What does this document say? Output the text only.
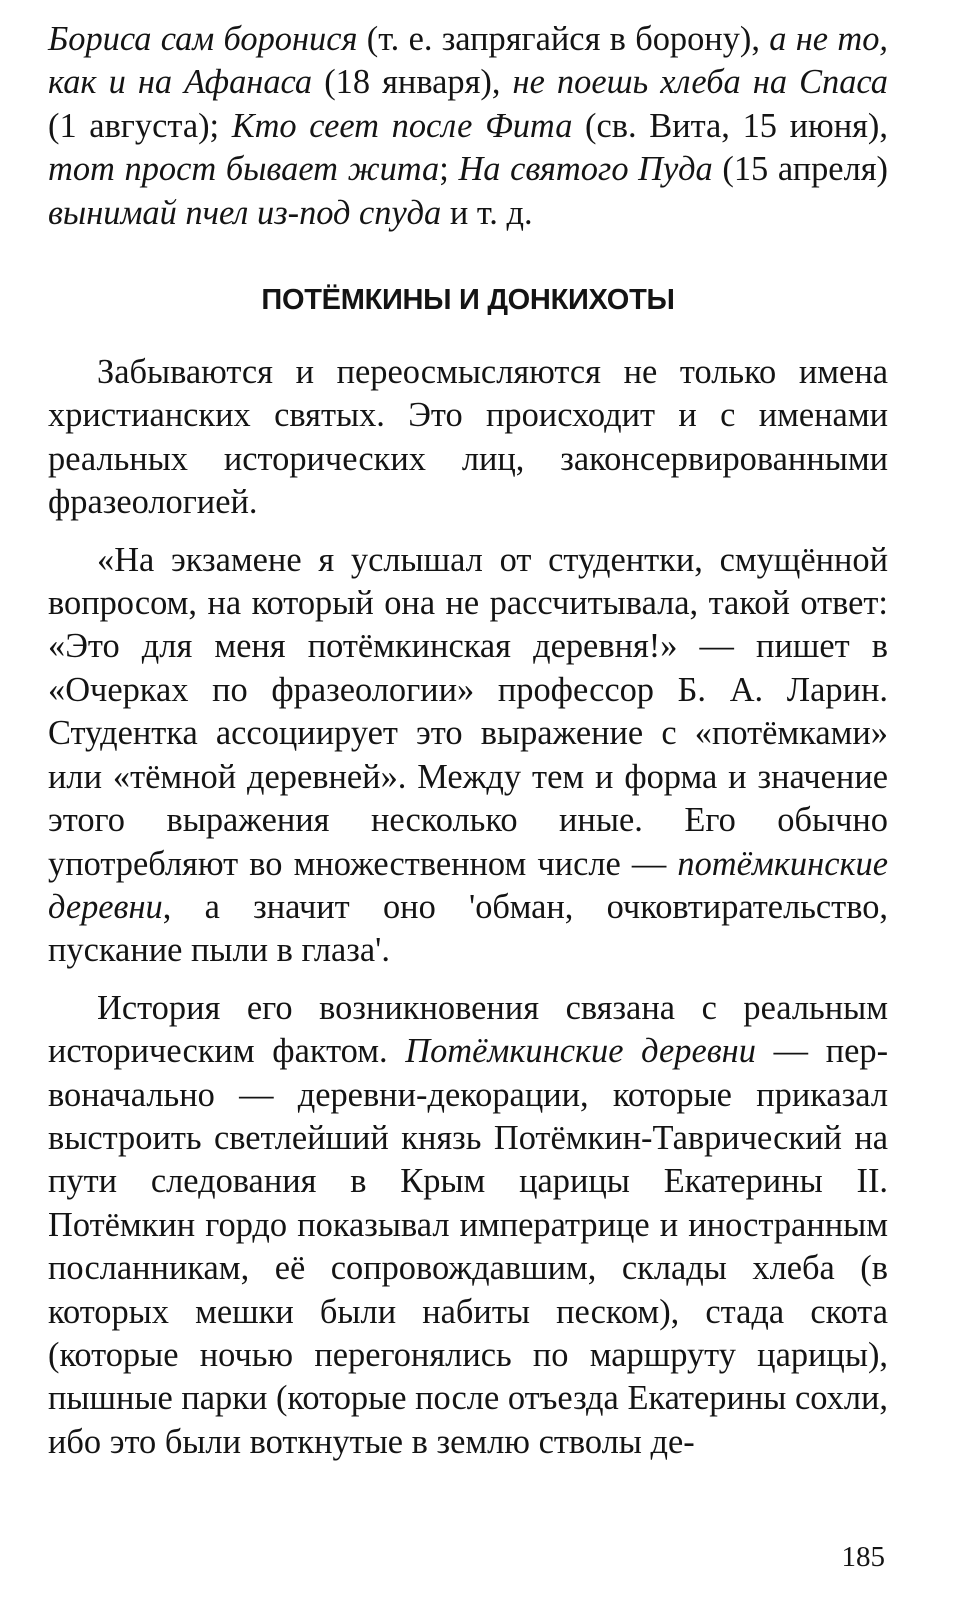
Бориса сам боронися (т. е. запрягайся в борону), а не то, как и на Афанаса (18 января), не поешь хлеба на Спаса (1 августа); Кто сеет после Фита (св. Вита, 15 июня), тот прост бывает жита; На святого Пуда (15 апреля) вынимай пчел из-под спуда и т. д.

ПОТЁМКИНЫ И ДОНКИХОТЫ

Забываются и переосмысляются не только имена христианских святых. Это происходит и с именами реальных исторических лиц, законсервированными фразеологией.

«На экзамене я услышал от студентки, смущённой вопросом, на который она не рассчитывала, такой ответ: «Это для меня потёмкинская деревня!» — пишет в «Очерках по фразеологии» профессор Б. А. Ларин. Студентка ассоциирует это выражение с «потёмками» или «тёмной деревней». Между тем и форма и значение этого выражения несколько иные. Его обычно употребляют во множественном числе — потёмкинские деревни, а значит оно 'обман, очковтирательство, пускание пыли в глаза'.

История его возникновения связана с реальным историческим фактом. Потёмкинские деревни — первоначально — деревни-декорации, которые приказал выстроить светлейший князь Потёмкин-Таврический на пути следования в Крым царицы Екатерины II. Потёмкин гордо показывал императрице и иностранным посланникам, её сопровождавшим, склады хлеба (в которых мешки были набиты песком), стада скота (которые ночью перегонялись по маршруту царицы), пышные парки (которые после отъезда Екатерины сохли, ибо это были воткнутые в землю стволы де-

185
